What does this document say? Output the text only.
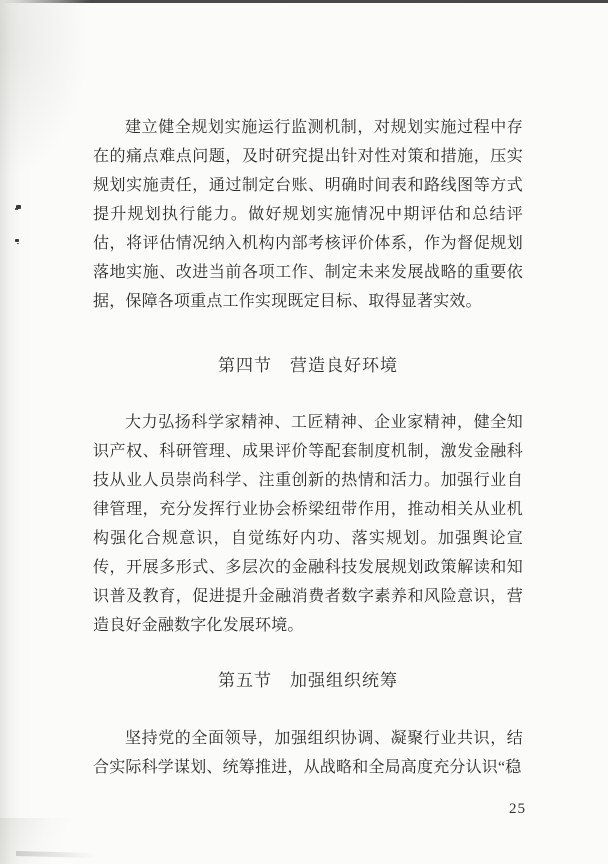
建立健全规划实施运行监测机制，对规划实施过程中存在的痛点难点问题，及时研究提出针对性对策和措施，压实规划实施责任，通过制定台账、明确时间表和路线图等方式提升规划执行能力。做好规划实施情况中期评估和总结评估，将评估情况纳入机构内部考核评价体系，作为督促规划落地实施、改进当前各项工作、制定未来发展战略的重要依据，保障各项重点工作实现既定目标、取得显著实效。

第四节　营造良好环境

大力弘扬科学家精神、工匠精神、企业家精神，健全知识产权、科研管理、成果评价等配套制度机制，激发金融科技从业人员崇尚科学、注重创新的热情和活力。加强行业自律管理，充分发挥行业协会桥梁纽带作用，推动相关从业机构强化合规意识，自觉练好内功、落实规划。加强舆论宣传，开展多形式、多层次的金融科技发展规划政策解读和知识普及教育，促进提升金融消费者数字素养和风险意识，营造良好金融数字化发展环境。

第五节　加强组织统筹

坚持党的全面领导，加强组织协调、凝聚行业共识，结合实际科学谋划、统筹推进，从战略和全局高度充分认识“稳

25
